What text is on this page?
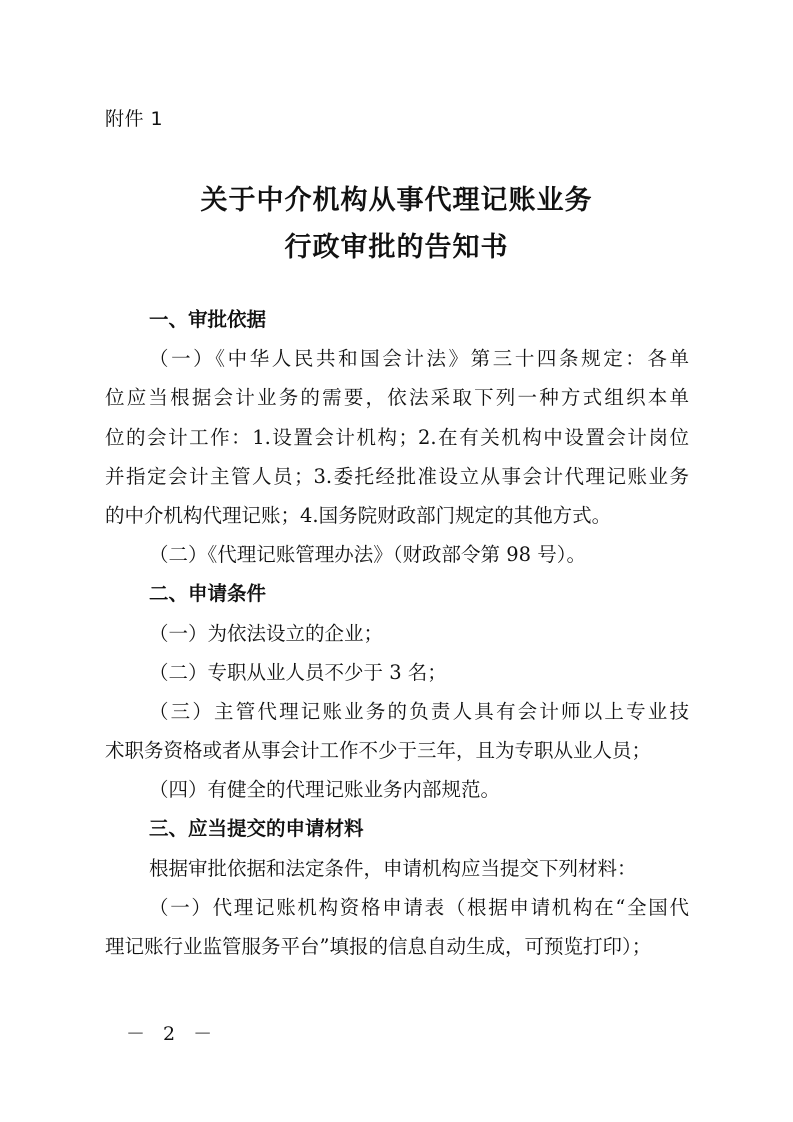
附件 1
关于中介机构从事代理记账业务
行政审批的告知书
一、审批依据
（一）《中华人民共和国会计法》第三十四条规定：各单
位应当根据会计业务的需要，依法采取下列一种方式组织本单
位的会计工作：1.设置会计机构；2.在有关机构中设置会计岗位
并指定会计主管人员；3.委托经批准设立从事会计代理记账业务
的中介机构代理记账；4.国务院财政部门规定的其他方式。
（二）《代理记账管理办法》（财政部令第 98 号）。
二、申请条件
（一）为依法设立的企业；
（二）专职从业人员不少于 3 名；
（三）主管代理记账业务的负责人具有会计师以上专业技
术职务资格或者从事会计工作不少于三年，且为专职从业人员；
（四）有健全的代理记账业务内部规范。
三、应当提交的申请材料
根据审批依据和法定条件，申请机构应当提交下列材料：
（一）代理记账机构资格申请表（根据申请机构在“全国代
理记账行业监管服务平台”填报的信息自动生成，可预览打印）；
－ 2 －
